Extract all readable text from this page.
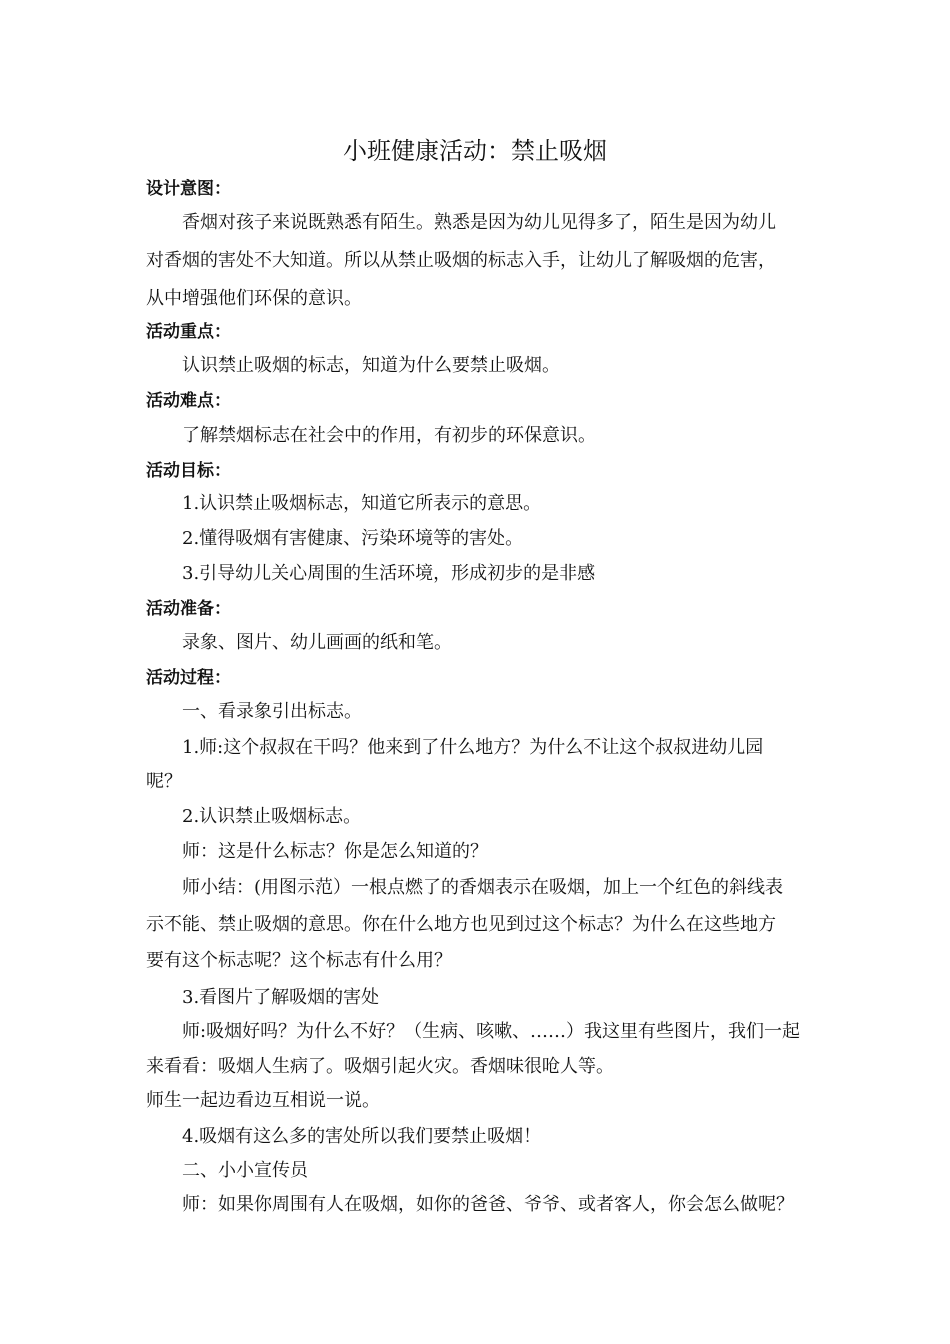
小班健康活动：禁止吸烟
设计意图：
香烟对孩子来说既熟悉有陌生。熟悉是因为幼儿见得多了，陌生是因为幼儿
对香烟的害处不大知道。所以从禁止吸烟的标志入手，让幼儿了解吸烟的危害，
从中增强他们环保的意识。
活动重点：
认识禁止吸烟的标志，知道为什么要禁止吸烟。
活动难点：
了解禁烟标志在社会中的作用，有初步的环保意识。
活动目标：
1.认识禁止吸烟标志，知道它所表示的意思。
2.懂得吸烟有害健康、污染环境等的害处。
3.引导幼儿关心周围的生活环境，形成初步的是非感
活动准备：
录象、图片、幼儿画画的纸和笔。
活动过程：
一、看录象引出标志。
1.师:这个叔叔在干吗？他来到了什么地方？为什么不让这个叔叔进幼儿园
呢？
2.认识禁止吸烟标志。
师：这是什么标志？你是怎么知道的？
师小结：(用图示范）一根点燃了的香烟表示在吸烟，加上一个红色的斜线表
示不能、禁止吸烟的意思。你在什么地方也见到过这个标志？为什么在这些地方
要有这个标志呢？这个标志有什么用？
3.看图片了解吸烟的害处
师:吸烟好吗？为什么不好？（生病、咳嗽、……）我这里有些图片，我们一起
来看看：吸烟人生病了。吸烟引起火灾。香烟味很呛人等。
师生一起边看边互相说一说。
4.吸烟有这么多的害处所以我们要禁止吸烟！
二、小小宣传员
师：如果你周围有人在吸烟，如你的爸爸、爷爷、或者客人，你会怎么做呢？
